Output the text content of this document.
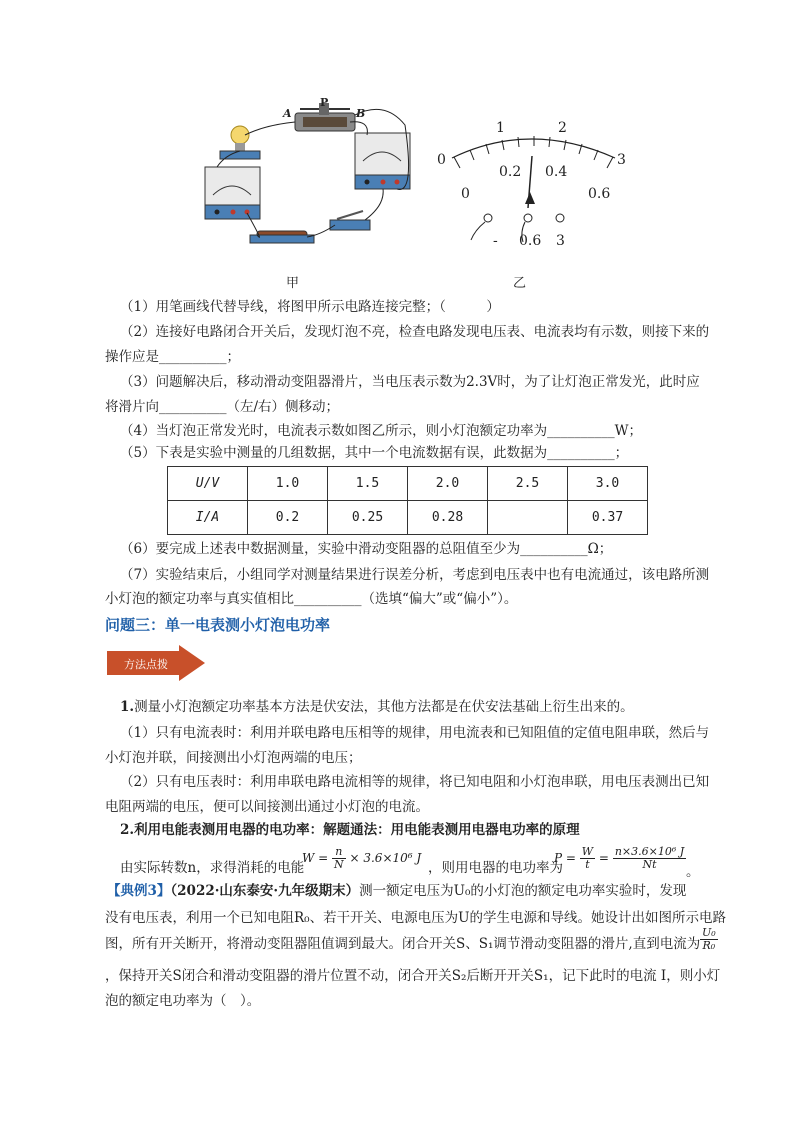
A
P
B
甲
0
1	2
3
0
0.2 0.4
0.6
- 0.6 3
乙
（1）用笔画线代替导线，将图甲所示电路连接完整；（　　　）
（2）连接好电路闭合开关后，发现灯泡不亮，检查电路发现电压表、电流表均有示数，则接下来的
操作应是__________；
（3）问题解决后，移动滑动变阻器滑片，当电压表示数为2.3V时，为了让灯泡正常发光，此时应
将滑片向__________（左/右）侧移动；
（4）当灯泡正常发光时，电流表示数如图乙所示，则小灯泡额定功率为__________W；
（5）下表是实验中测量的几组数据，其中一个电流数据有误，此数据为__________；
U/V	1.0	1.5	2.0	2.5	3.0
I/A	0.2	0.25	0.28		0.37
（6）要完成上述表中数据测量，实验中滑动变阻器的总阻值至少为__________Ω；
（7）实验结束后，小组同学对测量结果进行误差分析，考虑到电压表中也有电流通过，该电路所测
小灯泡的额定功率与真实值相比__________（选填“偏大”或“偏小”）。
问题三：单一电表测小灯泡电功率
方法点拨
1.测量小灯泡额定功率基本方法是伏安法，其他方法都是在伏安法基础上衍生出来的。
（1）只有电流表时：利用并联电路电压相等的规律，用电流表和已知阻值的定值电阻串联，然后与
小灯泡并联，间接测出小灯泡两端的电压；
（2）只有电压表时：利用串联电路电流相等的规律，将已知电阻和小灯泡串联，用电压表测出已知
电阻两端的电压，便可以间接测出通过小灯泡的电流。
2.利用电能表测用电器的电功率：解题通法：用电能表测用电器电功率的原理
由实际转数n，求得消耗的电能
$W = \frac{n}{N} \times 3.6\times 10^6$ J
，则用电器的电功率为
$P = \frac{W}{t} = \frac{\text{n×3.6×10⁶ J}}{Nt}$
。
【典例3】（2022·山东泰安·九年级期末）测一额定电压为U₀的小灯泡的额定电功率实验时，发现
没有电压表，利用一个已知电阻R₀、若干开关、电源电压为U的学生电源和导线。她设计出如图所示电路
图，所有开关断开，将滑动变阻器阻值调到最大。闭合开关S、S₁调节滑动变阻器的滑片,直到电流为 $\frac{\text{U₀}}{\text{R₀}}$
，保持开关S闭合和滑动变阻器的滑片位置不动，闭合开关S₂后断开开关S₁，记下此时的电流 I，则小灯
泡的额定电功率为（　）。
